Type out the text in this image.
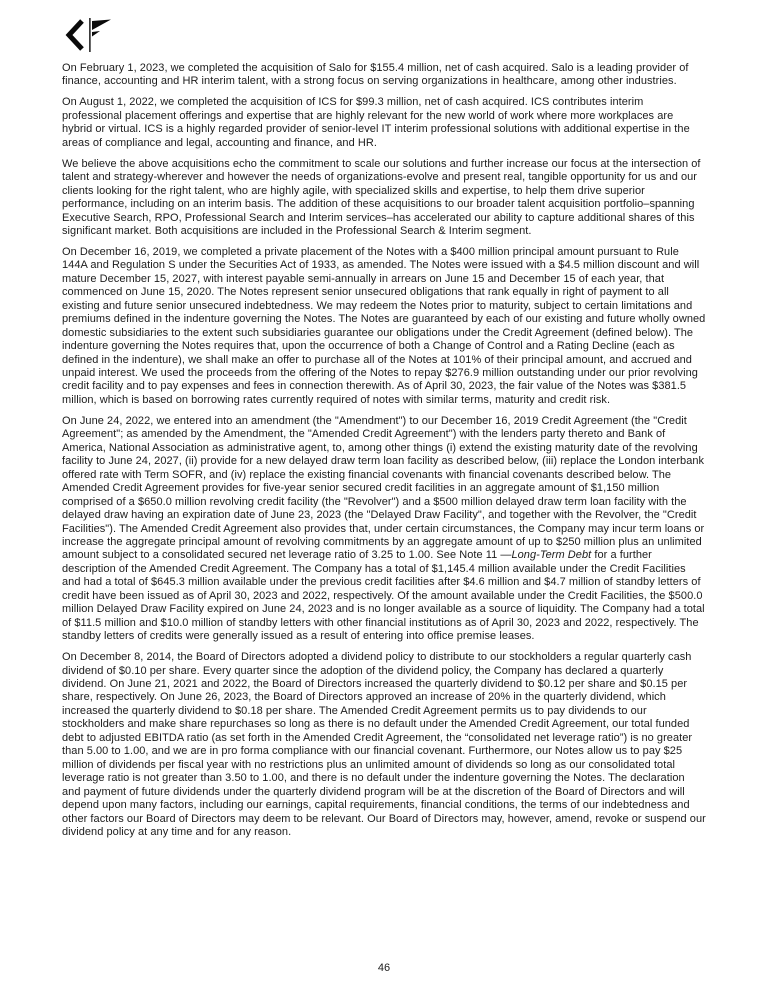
On February 1, 2023, we completed the acquisition of Salo for $155.4 million, net of cash acquired. Salo is a leading provider of finance, accounting and HR interim talent, with a strong focus on serving organizations in healthcare, among other industries.

On August 1, 2022, we completed the acquisition of ICS for $99.3 million, net of cash acquired. ICS contributes interim professional placement offerings and expertise that are highly relevant for the new world of work where more workplaces are hybrid or virtual. ICS is a highly regarded provider of senior-level IT interim professional solutions with additional expertise in the areas of compliance and legal, accounting and finance, and HR.

We believe the above acquisitions echo the commitment to scale our solutions and further increase our focus at the intersection of talent and strategy-wherever and however the needs of organizations-evolve and present real, tangible opportunity for us and our clients looking for the right talent, who are highly agile, with specialized skills and expertise, to help them drive superior performance, including on an interim basis. The addition of these acquisitions to our broader talent acquisition portfolio–spanning Executive Search, RPO, Professional Search and Interim services–has accelerated our ability to capture additional shares of this significant market. Both acquisitions are included in the Professional Search & Interim segment.

On December 16, 2019, we completed a private placement of the Notes with a $400 million principal amount pursuant to Rule 144A and Regulation S under the Securities Act of 1933, as amended. The Notes were issued with a $4.5 million discount and will mature December 15, 2027, with interest payable semi-annually in arrears on June 15 and December 15 of each year, that commenced on June 15, 2020. The Notes represent senior unsecured obligations that rank equally in right of payment to all existing and future senior unsecured indebtedness. We may redeem the Notes prior to maturity, subject to certain limitations and premiums defined in the indenture governing the Notes. The Notes are guaranteed by each of our existing and future wholly owned domestic subsidiaries to the extent such subsidiaries guarantee our obligations under the Credit Agreement (defined below). The indenture governing the Notes requires that, upon the occurrence of both a Change of Control and a Rating Decline (each as defined in the indenture), we shall make an offer to purchase all of the Notes at 101% of their principal amount, and accrued and unpaid interest. We used the proceeds from the offering of the Notes to repay $276.9 million outstanding under our prior revolving credit facility and to pay expenses and fees in connection therewith. As of April 30, 2023, the fair value of the Notes was $381.5 million, which is based on borrowing rates currently required of notes with similar terms, maturity and credit risk.

On June 24, 2022, we entered into an amendment (the "Amendment") to our December 16, 2019 Credit Agreement (the "Credit Agreement"; as amended by the Amendment, the "Amended Credit Agreement") with the lenders party thereto and Bank of America, National Association as administrative agent, to, among other things (i) extend the existing maturity date of the revolving facility to June 24, 2027, (ii) provide for a new delayed draw term loan facility as described below, (iii) replace the London interbank offered rate with Term SOFR, and (iv) replace the existing financial covenants with financial covenants described below. The Amended Credit Agreement provides for five-year senior secured credit facilities in an aggregate amount of $1,150 million comprised of a $650.0 million revolving credit facility (the "Revolver") and a $500 million delayed draw term loan facility with the delayed draw having an expiration date of June 23, 2023 (the "Delayed Draw Facility", and together with the Revolver, the "Credit Facilities"). The Amended Credit Agreement also provides that, under certain circumstances, the Company may incur term loans or increase the aggregate principal amount of revolving commitments by an aggregate amount of up to $250 million plus an unlimited amount subject to a consolidated secured net leverage ratio of 3.25 to 1.00. See Note 11 —Long-Term Debt for a further description of the Amended Credit Agreement. The Company has a total of $1,145.4 million available under the Credit Facilities and had a total of $645.3 million available under the previous credit facilities after $4.6 million and $4.7 million of standby letters of credit have been issued as of April 30, 2023 and 2022, respectively. Of the amount available under the Credit Facilities, the $500.0 million Delayed Draw Facility expired on June 24, 2023 and is no longer available as a source of liquidity. The Company had a total of $11.5 million and $10.0 million of standby letters with other financial institutions as of April 30, 2023 and 2022, respectively. The standby letters of credits were generally issued as a result of entering into office premise leases.

On December 8, 2014, the Board of Directors adopted a dividend policy to distribute to our stockholders a regular quarterly cash dividend of $0.10 per share. Every quarter since the adoption of the dividend policy, the Company has declared a quarterly dividend. On June 21, 2021 and 2022, the Board of Directors increased the quarterly dividend to $0.12 per share and $0.15 per share, respectively. On June 26, 2023, the Board of Directors approved an increase of 20% in the quarterly dividend, which increased the quarterly dividend to $0.18 per share. The Amended Credit Agreement permits us to pay dividends to our stockholders and make share repurchases so long as there is no default under the Amended Credit Agreement, our total funded debt to adjusted EBITDA ratio (as set forth in the Amended Credit Agreement, the “consolidated net leverage ratio”) is no greater than 5.00 to 1.00, and we are in pro forma compliance with our financial covenant. Furthermore, our Notes allow us to pay $25 million of dividends per fiscal year with no restrictions plus an unlimited amount of dividends so long as our consolidated total leverage ratio is not greater than 3.50 to 1.00, and there is no default under the indenture governing the Notes. The declaration and payment of future dividends under the quarterly dividend program will be at the discretion of the Board of Directors and will depend upon many factors, including our earnings, capital requirements, financial conditions, the terms of our indebtedness and other factors our Board of Directors may deem to be relevant. Our Board of Directors may, however, amend, revoke or suspend our dividend policy at any time and for any reason.

46
